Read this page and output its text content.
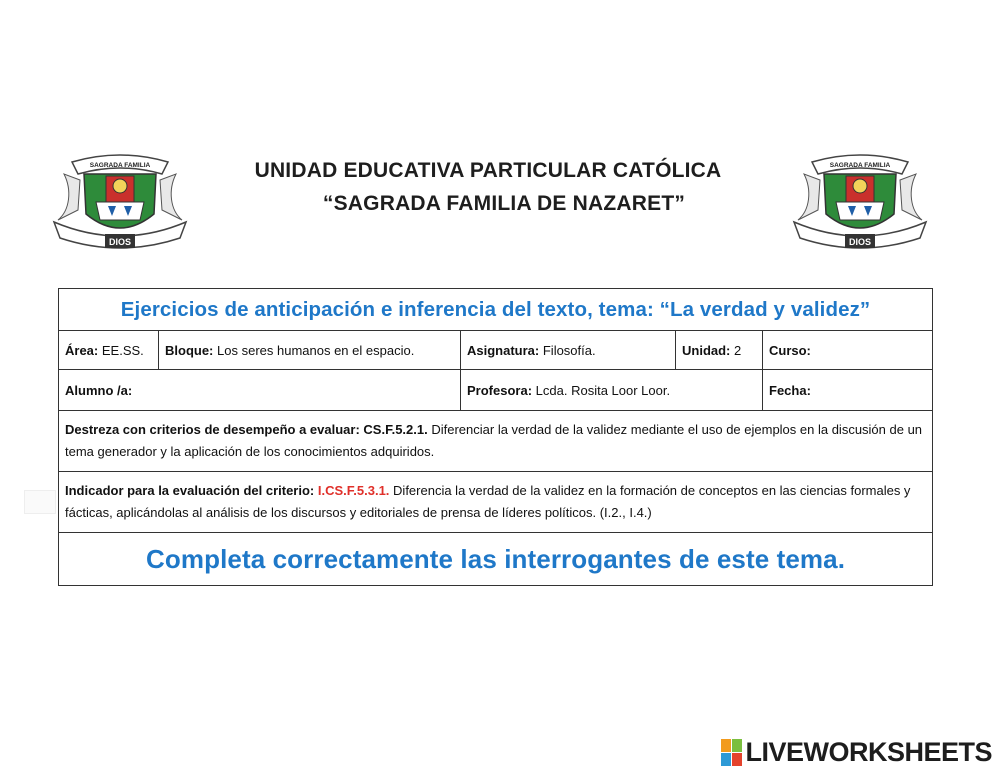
DIOS
SAGRADA FAMILIA
DIOS
SAGRADA FAMILIA
UNIDAD EDUCATIVA PARTICULAR CATÓLICA
“SAGRADA FAMILIA DE NAZARET”
Ejercicios de anticipación e inferencia del texto, tema: “La verdad y validez”				
Área: EE.SS.	Bloque: Los seres humanos en el espacio.	Asignatura: Filosofía.	Unidad: 2	Curso:
Alumno /a:		Profesora: Lcda. Rosita Loor Loor.		Fecha:
Destreza con criterios de desempeño a evaluar: CS.F.5.2.1. Diferenciar la verdad de la validez mediante el uso de ejemplos en la discusión de un tema generador y la aplicación de los conocimientos adquiridos.				
Indicador para la evaluación del criterio: I.CS.F.5.3.1. Diferencia la verdad de la validez en la formación de conceptos en las ciencias formales y fácticas, aplicándolas al análisis de los discursos y editoriales de prensa de líderes políticos. (I.2., I.4.)				
Completa correctamente las interrogantes de este tema.				
LIVEWORKSHEETS
